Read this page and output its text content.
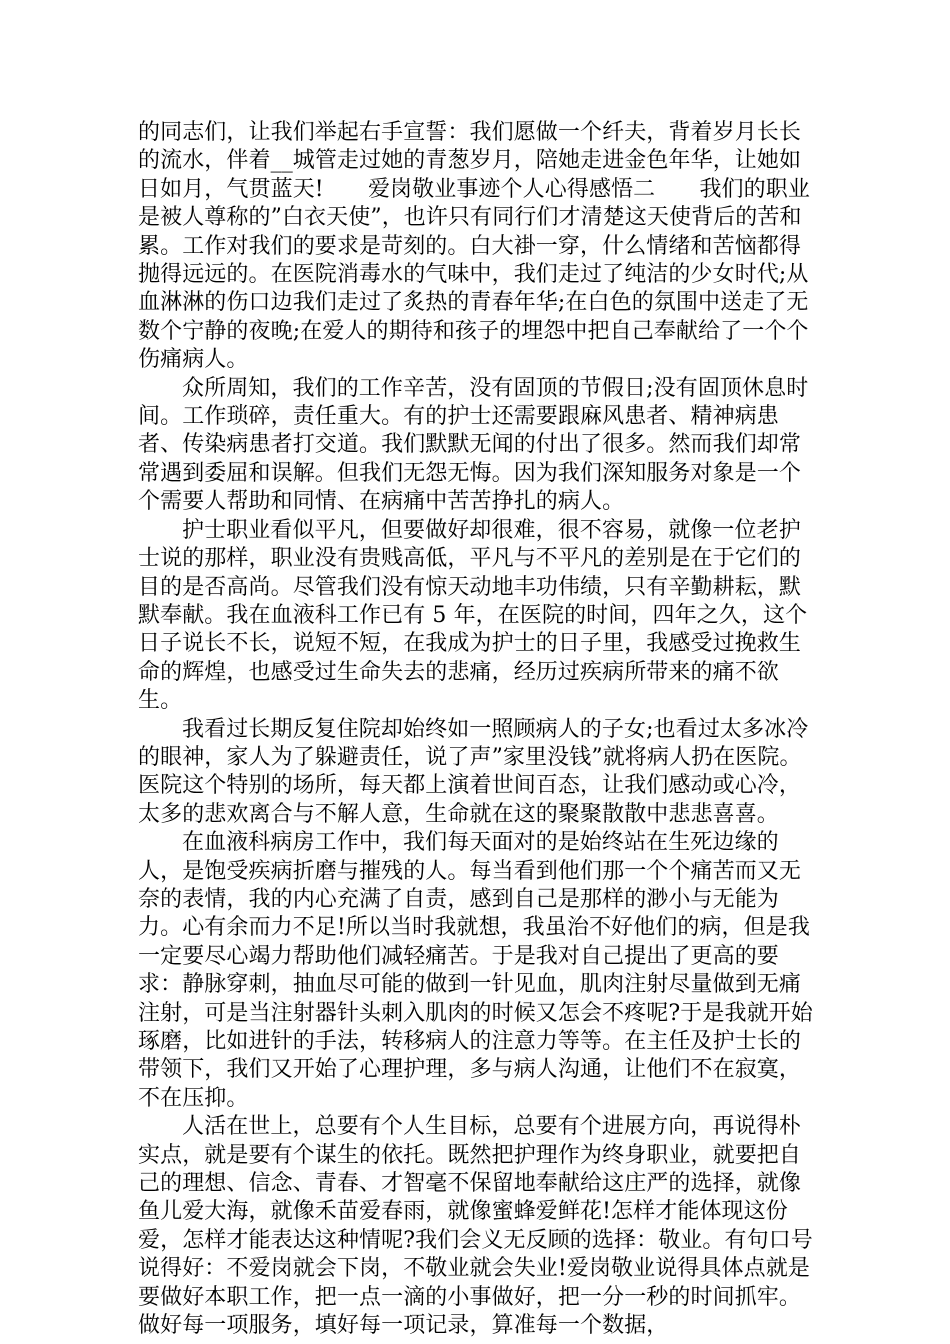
的同志们，让我们举起右手宣誓：我们愿做一个纤夫，背着岁月长长的流水，伴着__城管走过她的青葱岁月，陪她走进金色年华，让她如日如月，气贯蓝天!　　爱岗敬业事迹个人心得感悟二　　我们的职业是被人尊称的”白衣天使”，也许只有同行们才清楚这天使背后的苦和累。工作对我们的要求是苛刻的。白大褂一穿，什么情绪和苦恼都得抛得远远的。在医院消毒水的气味中，我们走过了纯洁的少女时代;从血淋淋的伤口边我们走过了炙热的青春年华;在白色的氛围中送走了无数个宁静的夜晚;在爱人的期待和孩子的埋怨中把自己奉献给了一个个伤痛病人。

众所周知，我们的工作辛苦，没有固顶的节假日;没有固顶休息时间。工作琐碎，责任重大。有的护士还需要跟麻风患者、精神病患者、传染病患者打交道。我们默默无闻的付出了很多。然而我们却常常遇到委屈和误解。但我们无怨无悔。因为我们深知服务对象是一个个需要人帮助和同情、在病痛中苦苦挣扎的病人。

护士职业看似平凡，但要做好却很难，很不容易，就像一位老护士说的那样，职业没有贵贱高低，平凡与不平凡的差别是在于它们的目的是否高尚。尽管我们没有惊天动地丰功伟绩，只有辛勤耕耘，默默奉献。我在血液科工作已有 5 年，在医院的时间，四年之久，这个日子说长不长，说短不短，在我成为护士的日子里，我感受过挽救生命的辉煌，也感受过生命失去的悲痛，经历过疾病所带来的痛不欲生。

我看过长期反复住院却始终如一照顾病人的子女;也看过太多冰冷的眼神，家人为了躲避责任，说了声”家里没钱”就将病人扔在医院。医院这个特别的场所，每天都上演着世间百态，让我们感动或心冷，太多的悲欢离合与不解人意，生命就在这的聚聚散散中悲悲喜喜。

在血液科病房工作中，我们每天面对的是始终站在生死边缘的人，是饱受疾病折磨与摧残的人。每当看到他们那一个个痛苦而又无奈的表情，我的内心充满了自责，感到自己是那样的渺小与无能为力。心有余而力不足!所以当时我就想，我虽治不好他们的病，但是我一定要尽心竭力帮助他们减轻痛苦。于是我对自己提出了更高的要求：静脉穿刺，抽血尽可能的做到一针见血，肌肉注射尽量做到无痛注射，可是当注射器针头刺入肌肉的时候又怎会不疼呢?于是我就开始琢磨，比如进针的手法，转移病人的注意力等等。在主任及护士长的带领下，我们又开始了心理护理，多与病人沟通，让他们不在寂寞，不在压抑。

人活在世上，总要有个人生目标，总要有个进展方向，再说得朴实点，就是要有个谋生的依托。既然把护理作为终身职业，就要把自己的理想、信念、青春、才智毫不保留地奉献给这庄严的选择，就像鱼儿爱大海，就像禾苗爱春雨，就像蜜蜂爱鲜花!怎样才能体现这份爱，怎样才能表达这种情呢?我们会义无反顾的选择：敬业。有句口号说得好：不爱岗就会下岗，不敬业就会失业!爱岗敬业说得具体点就是要做好本职工作，把一点一滴的小事做好，把一分一秒的时间抓牢。做好每一项服务，填好每一项记录，算准每一个数据，
